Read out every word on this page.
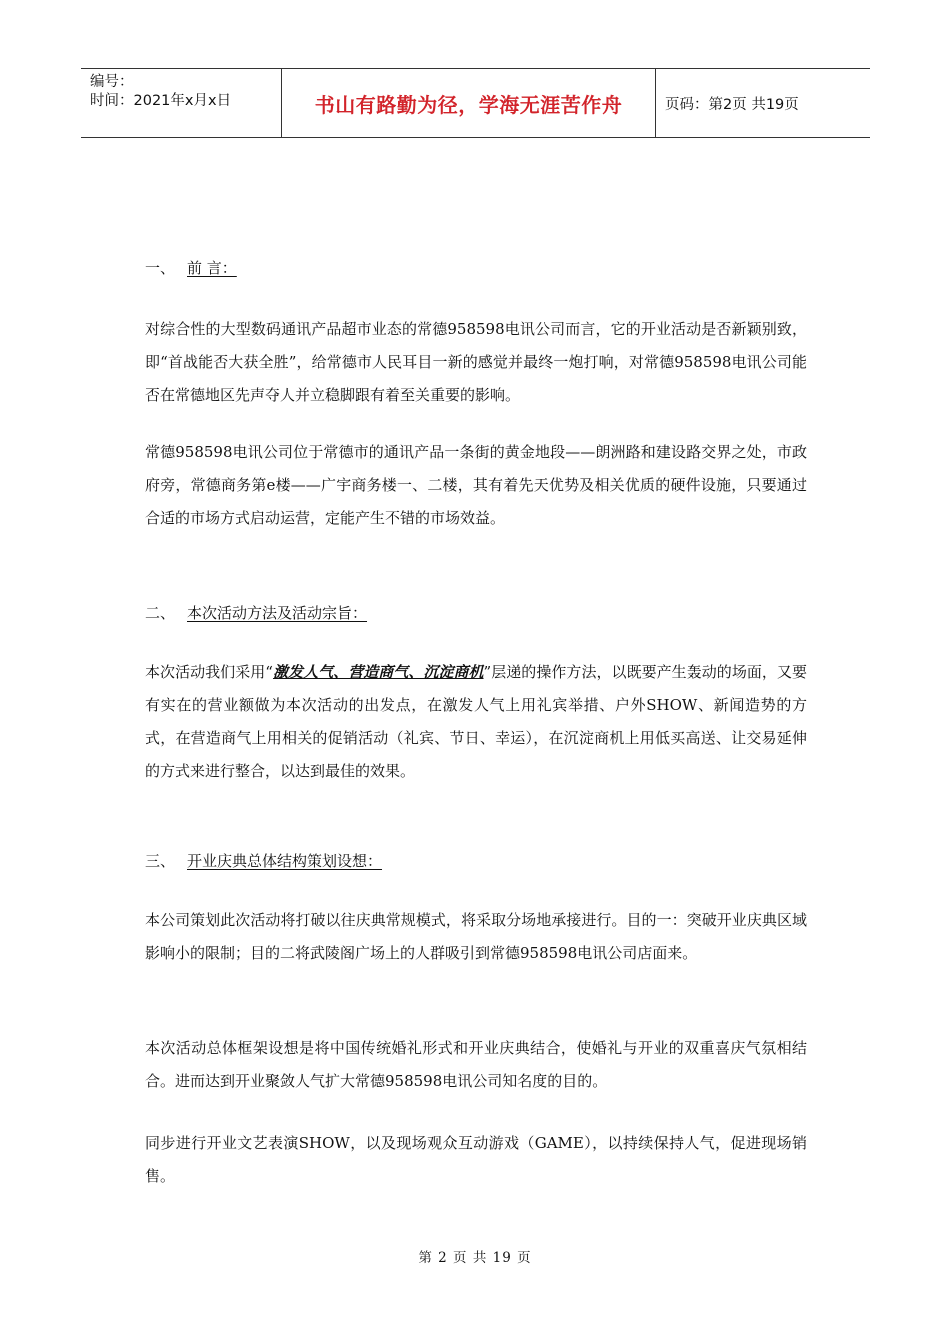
编号：
时间：2021年x月x日	书山有路勤为径，学海无涯苦作舟	页码：第2页 共19页
一、 前 言：

对综合性的大型数码通讯产品超市业态的常德958598电讯公司而言，它的开业活动是否新颖别致，即“首战能否大获全胜”，给常德市人民耳目一新的感觉并最终一炮打响，对常德958598电讯公司能否在常德地区先声夺人并立稳脚跟有着至关重要的影响。

常德958598电讯公司位于常德市的通讯产品一条街的黄金地段——朗洲路和建设路交界之处，市政府旁，常德商务第e楼——广宇商务楼一、二楼，其有着先天优势及相关优质的硬件设施，只要通过合适的市场方式启动运营，定能产生不错的市场效益。

二、 本次活动方法及活动宗旨：

本次活动我们采用“激发人气、营造商气、沉淀商机”层递的操作方法，以既要产生轰动的场面，又要有实在的营业额做为本次活动的出发点，在激发人气上用礼宾举措、户外SHOW、新闻造势的方式，在营造商气上用相关的促销活动（礼宾、节日、幸运），在沉淀商机上用低买高送、让交易延伸的方式来进行整合，以达到最佳的效果。

三、 开业庆典总体结构策划设想：

本公司策划此次活动将打破以往庆典常规模式，将采取分场地承接进行。目的一：突破开业庆典区域影响小的限制；目的二将武陵阁广场上的人群吸引到常德958598电讯公司店面来。

本次活动总体框架设想是将中国传统婚礼形式和开业庆典结合，使婚礼与开业的双重喜庆气氛相结合。进而达到开业聚敛人气扩大常德958598电讯公司知名度的目的。

同步进行开业文艺表演SHOW，以及现场观众互动游戏（GAME），以持续保持人气，促进现场销售。

第 2 页 共 19 页
